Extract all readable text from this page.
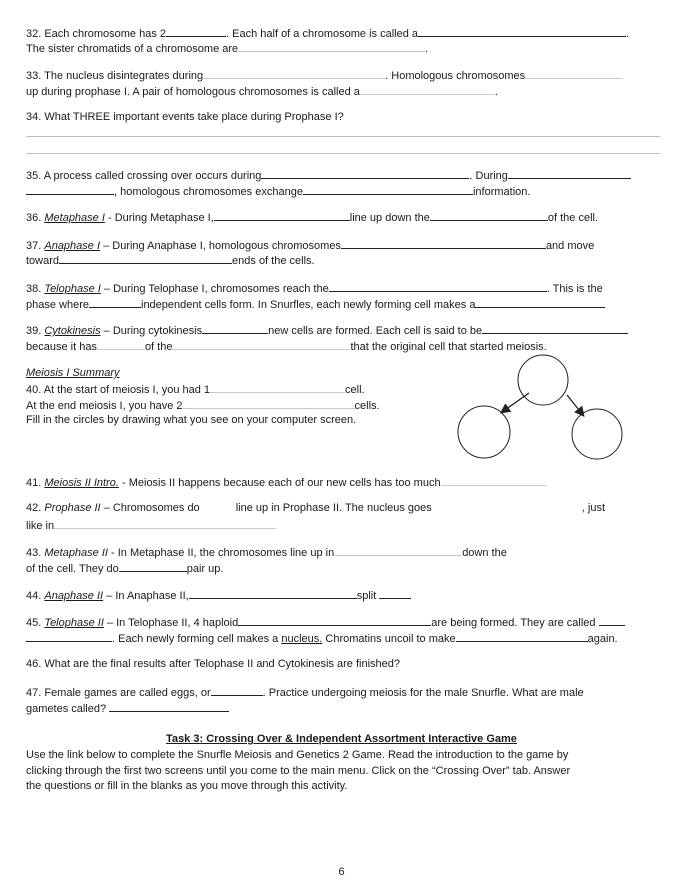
32. Each chromosome has 2	. Each half of a chromosome is called a	.
The sister chromatids of a chromosome are	.
33. The nucleus disintegrates during	. Homologous chromosomes
up during prophase I. A pair of homologous chromosomes is called a	.
34. What THREE important events take place during Prophase I?
35. A process called crossing over occurs during	. During
, homologous chromosomes exchange	information.
36. Metaphase I - During Metaphase I,	line up down the	of the cell.
37. Anaphase I – During Anaphase I, homologous chromosomes	and move
toward	ends of the cells.
38. Telophase I – During Telophase I, chromosomes reach the	. This is the
phase where	independent cells form. In Snurfles, each newly forming cell makes a
39. Cytokinesis – During cytokinesis	new cells are formed. Each cell is said to be
because it has	of the	that the original cell that started meiosis.
Meiosis I Summary
40. At the start of meiosis I, you had 1	cell.
At the end meiosis I, you have 2	cells.
Fill in the circles by drawing what you see on your computer screen.
41. Meiosis II Intro. - Meiosis II happens because each of our new cells has too much
42. Prophase II – Chromosomes do	line up in Prophase II. The nucleus goes	, just
like in
43. Metaphase II - In Metaphase II, the chromosomes line up in	down the
of the cell. They do	pair up.
44. Anaphase II – In Anaphase II,	split
45. Telophase II – In Telophase II, 4 haploid	are being formed. They are called
. Each newly forming cell makes a nucleus. Chromatins uncoil to make	again.
46. What are the final results after Telophase II and Cytokinesis are finished?
47. Female games are called eggs, or	. Practice undergoing meiosis for the male Snurfle. What are male
gametes called?
Task 3: Crossing Over & Independent Assortment Interactive Game
Use the link below to complete the Snurfle Meiosis and Genetics 2 Game. Read the introduction to the game by
clicking through the first two screens until you come to the main menu. Click on the “Crossing Over” tab. Answer
the questions or fill in the blanks as you move through this activity.
6
